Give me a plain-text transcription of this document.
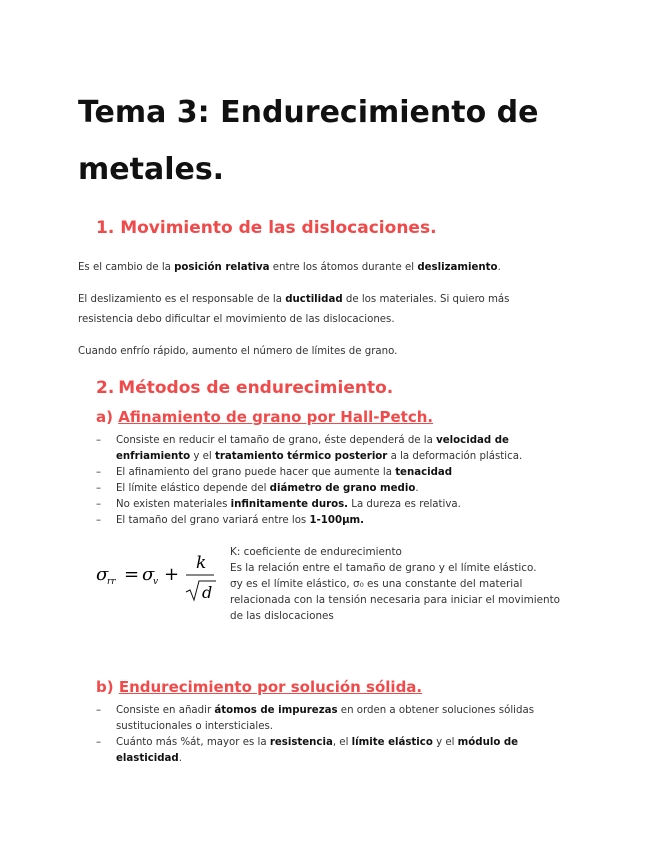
Tema 3: Endurecimiento de metales.
1. Movimiento de las dislocaciones.

Es el cambio de la posición relativa entre los átomos durante el deslizamiento.

El deslizamiento es el responsable de la ductilidad de los materiales. Si quiero más resistencia debo dificultar el movimiento de las dislocaciones.

Cuando enfrío rápido, aumento el número de límites de grano.

2. Métodos de endurecimiento.
a) Afinamiento de grano por Hall-Petch.
– Consiste en reducir el tamaño de grano, éste dependerá de la velocidad de enfriamiento y el tratamiento térmico posterior a la deformación plástica.
– El afinamiento del grano puede hacer que aumente la tenacidad
– El límite elástico depende del diámetro de grano medio.
– No existen materiales infinitamente duros. La dureza es relativa.
– El tamaño del grano variará entre los 1-100μm.
σ
rr = σ
v +
k
d
K: coeficiente de endurecimiento
Es la relación entre el tamaño de grano y el límite elástico.
σy es el límite elástico, σ₀ es una constante del material
relacionada con la tensión necesaria para iniciar el movimiento
de las dislocaciones
b) Endurecimiento por solución sólida.
– Consiste en añadir átomos de impurezas en orden a obtener soluciones sólidas sustitucionales o intersticiales.
– Cuánto más %át, mayor es la resistencia, el límite elástico y el módulo de elasticidad.
